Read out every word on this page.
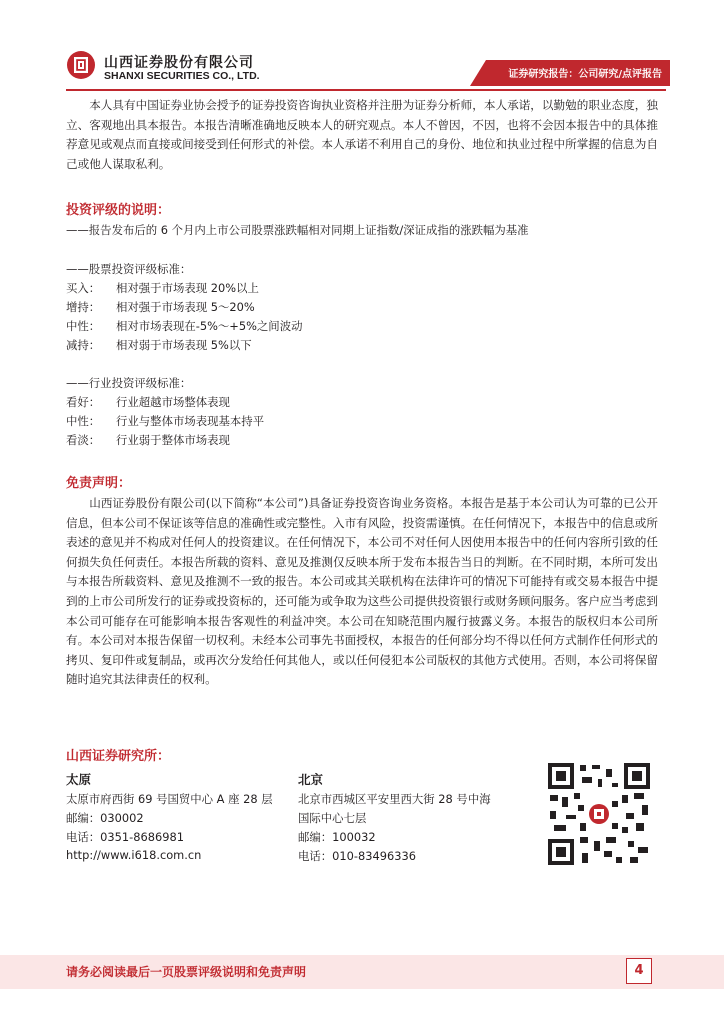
山西证券股份有限公司
SHANXI SECURITIES CO., LTD.	证券研究报告：公司研究/点评报告

本人具有中国证券业协会授予的证券投资咨询执业资格并注册为证券分析师，本人承诺，以勤勉的职业态度，独立、客观地出具本报告。本报告清晰准确地反映本人的研究观点。本人不曾因，不因，也将不会因本报告中的具体推荐意见或观点而直接或间接受到任何形式的补偿。本人承诺不利用自己的身份、地位和执业过程中所掌握的信息为自己或他人谋取私利。

投资评级的说明：
——报告发布后的 6 个月内上市公司股票涨跌幅相对同期上证指数/深证成指的涨跌幅为基准
——股票投资评级标准：
买入： 相对强于市场表现 20%以上
增持： 相对强于市场表现 5～20%
中性： 相对市场表现在-5%～+5%之间波动
减持： 相对弱于市场表现 5%以下
——行业投资评级标准：
看好： 行业超越市场整体表现
中性： 行业与整体市场表现基本持平
看淡： 行业弱于整体市场表现
免责声明：

山西证券股份有限公司(以下简称“本公司”)具备证券投资咨询业务资格。本报告是基于本公司认为可靠的已公开信息，但本公司不保证该等信息的准确性或完整性。入市有风险，投资需谨慎。在任何情况下，本报告中的信息或所表述的意见并不构成对任何人的投资建议。在任何情况下，本公司不对任何人因使用本报告中的任何内容所引致的任何损失负任何责任。本报告所载的资料、意见及推测仅反映本所于发布本报告当日的判断。在不同时期，本所可发出与本报告所载资料、意见及推测不一致的报告。本公司或其关联机构在法律许可的情况下可能持有或交易本报告中提到的上市公司所发行的证券或投资标的，还可能为或争取为这些公司提供投资银行或财务顾问服务。客户应当考虑到本公司可能存在可能影响本报告客观性的利益冲突。本公司在知晓范围内履行披露义务。本报告的版权归本公司所有。本公司对本报告保留一切权利。未经本公司事先书面授权，本报告的任何部分均不得以任何方式制作任何形式的拷贝、复印件或复制品，或再次分发给任何其他人，或以任何侵犯本公司版权的其他方式使用。否则，本公司将保留随时追究其法律责任的权利。

山西证券研究所：
太原
太原市府西街 69 号国贸中心 A 座 28 层
邮编：030002
电话：0351-8686981
http://www.i618.com.cn
北京
北京市西城区平安里西大街 28 号中海
国际中心七层
邮编：100032
电话：010-83496336
请务必阅读最后一页股票评级说明和免责声明	4
